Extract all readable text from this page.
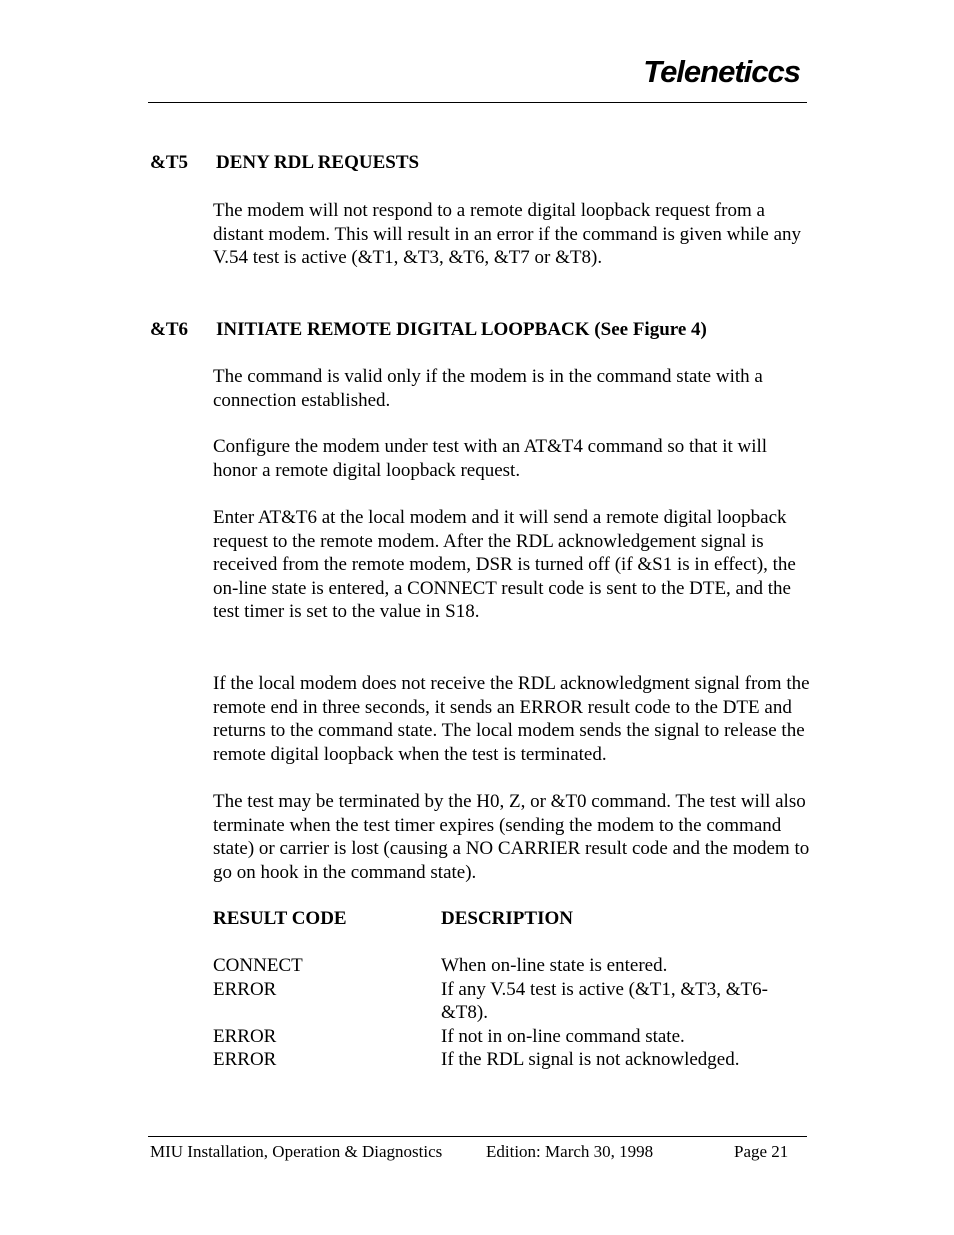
Teleneticcs
&T5 DENY RDL REQUESTS

The modem will not respond to a remote digital loopback request from a distant modem. This will result in an error if the command is given while any V.54 test is active (&T1, &T3, &T6, &T7 or &T8).

&T6 INITIATE REMOTE DIGITAL LOOPBACK (See Figure 4)

The command is valid only if the modem is in the command state with a connection established.

Configure the modem under test with an AT&T4 command so that it will honor a remote digital loopback request.

Enter AT&T6 at the local modem and it will send a remote digital loopback request to the remote modem. After the RDL acknowledgement signal is received from the remote modem, DSR is turned off (if &S1 is in effect), the on-line state is entered, a CONNECT result code is sent to the DTE, and the test timer is set to the value in S18.

If the local modem does not receive the RDL acknowledgment signal from the remote end in three seconds, it sends an ERROR result code to the DTE and returns to the command state. The local modem sends the signal to release the remote digital loopback when the test is terminated.

The test may be terminated by the H0, Z, or &T0 command. The test will also terminate when the test timer expires (sending the modem to the command state) or carrier is lost (causing a NO CARRIER result code and the modem to go on hook in the command state).

RESULT CODE	DESCRIPTION
CONNECT	When on-line state is entered.
ERROR	If any V.54 test is active (&T1, &T3, &T6-&T8).
ERROR	If not in on-line command state.
ERROR	If the RDL signal is not acknowledged.
MIU Installation, Operation & Diagnostics	Edition: March 30, 1998	Page 21
